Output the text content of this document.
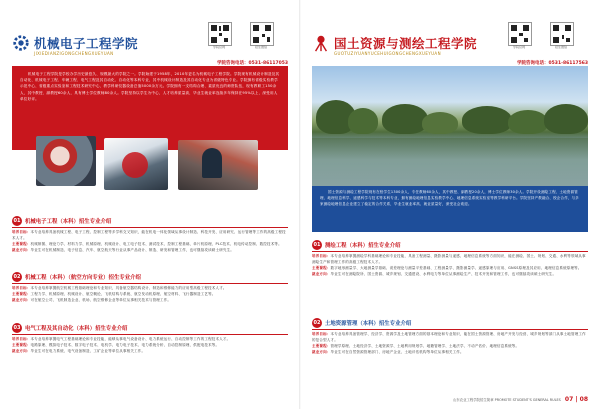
机械电子工程学院
JIXIEDIANZIGONGCHENGXUEYUAN
学院官网	招生微信
学院咨询电话：0531-86117053

机械电子工程学院是学校办学历史最悠久、规模最大的学院之一。学院始建于1958年，2010年更名为机械电子工程学院。学院现有机械设计制造及其自动化、机械电子工程、车辆工程、电气工程及其自动化、自动化等本科专业，其中机械设计制造及其自动化专业为省级特色专业。学院拥有省级实验教学示范中心、省级重点实验室和工程技术研究中心，教学科研仪器设备总值5000余万元。学院拥有一支结构合理、素质优良的师资队伍，现有教职工150余人，其中教授、副教授60余人，具有博士学位教师80余人。学院坚持以学生为中心，人才培养质量高，毕业生就业率连续多年保持在95%以上，深受用人单位好评。

01 机械电子工程（本科）招生专业介绍

培养目标：本专业培养具备机械工程、电子工程、控制工程等多学科交叉知识，能在机电一体化领域从事设计制造、科技开发、应用研究、运行管理等工作的高级工程技术人才。

主要课程：机械制图、理论力学、材料力学、机械原理、机械设计、电工电子技术、测试技术、控制工程基础、单片机原理、PLC技术、机电传动控制、数控技术等。

就业方向：毕业生可在机械制造、电子信息、汽车、航空航天等行业从事产品设计、制造、研发和管理工作，也可继续攻读硕士研究生。

02 机械工程（本科）（航空方向专业）招生专业介绍

培养目标：本专业培养掌握航空机械工程基础理论和专业知识，具备航空器结构设计、制造和维修能力的应用型高级工程技术人才。

主要课程：工程力学、机械原理、机械设计、航空概论、飞机结构与系统、航空发动机原理、航空材料、飞行器制造工艺等。

就业方向：可在航空公司、飞机制造企业、机场、航空维修企业等单位从事相关技术与管理工作。

03 电气工程及其自动化（本科）招生专业介绍

培养目标：本专业培养掌握电气工程基础理论和专业技能，能够从事电气设备设计、电力系统运行、自动控制等工作的工程技术人才。

主要课程：电路原理、模拟电子技术、数字电子技术、电机学、电力电子技术、电力系统分析、自动控制原理、供配电技术等。

就业方向：毕业生可在电力系统、电气设备制造、工矿企业等单位从事相关工作。

国土资源与测绘工程学院
GUOTUZIYUANYUCEHUIGONGCHENGXUEYUAN
学院官网	招生微信
学院咨询电话：0531-86117563

国土资源与测绘工程学院现有在校学生1300余人，专任教师60余人，其中教授、副教授20余人，博士学位教师30余人。学院开设测绘工程、土地资源管理、地理信息科学、遥感科学与技术等本科专业，拥有测绘地理信息实验教学中心、地理信息系统实验室等教学科研平台。学院坚持产教融合、校企合作，与多家测绘地理信息企业建立了稳定的合作关系，毕业生就业率高、就业质量好，深受社会欢迎。

01 测绘工程（本科）招生专业介绍

培养目标：本专业培养掌握测绘学科基础理论和专业技能，具备工程测量、摄影测量与遥感、地理信息系统等方面知识，能在测绘、国土、规划、交通、水利等领域从事测绘生产和管理工作的高级工程技术人才。

主要课程：数字地形测量学、大地测量学基础、误差理论与测量平差基础、工程测量学、摄影测量学、遥感原理与应用、GNSS原理及其应用、地理信息系统原理等。

就业方向：毕业生可在测绘院所、国土资源、城乡规划、交通建设、水利电力等单位从事测绘生产、技术开发和管理工作，也可继续攻读硕士研究生。

02 土地资源管理（本科）招生专业介绍

培养目标：本专业培养具备管理学、经济学、资源学及土地管理方面的基本理论和专业知识，能在国土资源管理、房地产开发与经营、城乡规划等部门从事土地管理工作的复合型人才。

主要课程：管理学原理、土地经济学、土地资源学、土地利用规划学、地籍管理学、土地法学、不动产估价、地理信息系统等。

就业方向：毕业生可在自然资源管理部门、房地产企业、土地评估机构等单位从事相关工作。

山东农业工程学院招生简章 PROMOTE STUDENT'S GENERAL RULES 07 | 08
